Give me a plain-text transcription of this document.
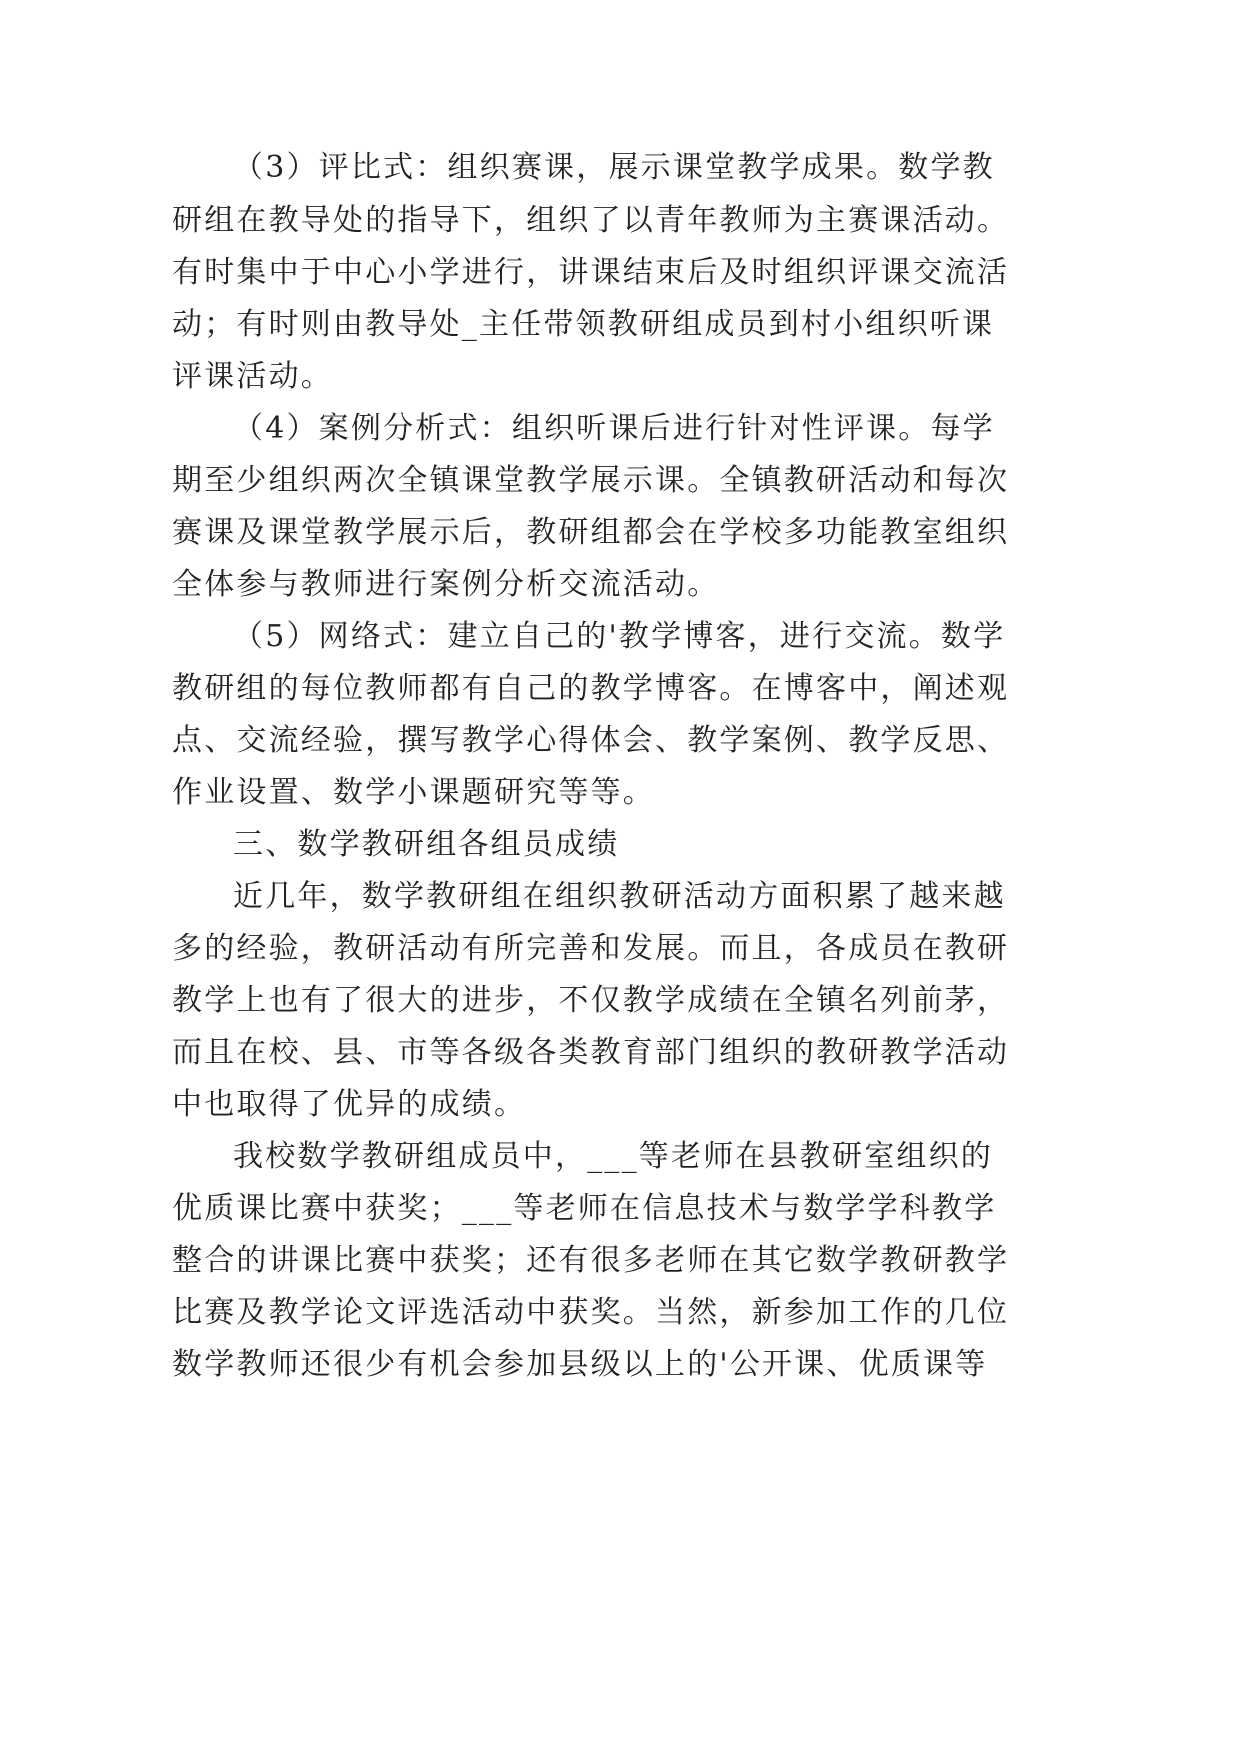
（3）评比式：组织赛课，展示课堂教学成果。数学教
研组在教导处的指导下，组织了以青年教师为主赛课活动。
有时集中于中心小学进行，讲课结束后及时组织评课交流活
动；有时则由教导处_主任带领教研组成员到村小组织听课
评课活动。
（4）案例分析式：组织听课后进行针对性评课。每学
期至少组织两次全镇课堂教学展示课。全镇教研活动和每次
赛课及课堂教学展示后，教研组都会在学校多功能教室组织
全体参与教师进行案例分析交流活动。
（5）网络式：建立自己的'教学博客，进行交流。数学
教研组的每位教师都有自己的教学博客。在博客中，阐述观
点、交流经验，撰写教学心得体会、教学案例、教学反思、
作业设置、数学小课题研究等等。
三、数学教研组各组员成绩
近几年，数学教研组在组织教研活动方面积累了越来越
多的经验，教研活动有所完善和发展。而且，各成员在教研
教学上也有了很大的进步，不仅教学成绩在全镇名列前茅，
而且在校、县、市等各级各类教育部门组织的教研教学活动
中也取得了优异的成绩。
我校数学教研组成员中，___等老师在县教研室组织的
优质课比赛中获奖；___等老师在信息技术与数学学科教学
整合的讲课比赛中获奖；还有很多老师在其它数学教研教学
比赛及教学论文评选活动中获奖。当然，新参加工作的几位
数学教师还很少有机会参加县级以上的'公开课、优质课等
